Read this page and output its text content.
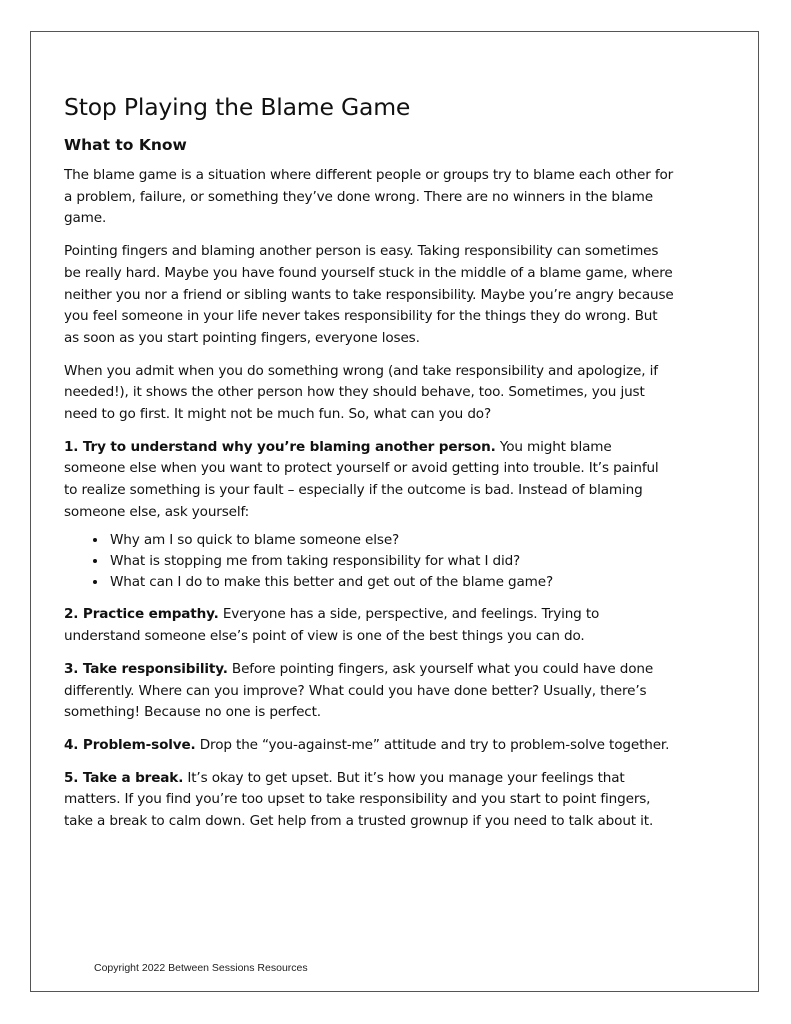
Stop Playing the Blame Game
What to Know

The blame game is a situation where different people or groups try to blame each other for a problem, failure, or something they’ve done wrong. There are no winners in the blame game.

Pointing fingers and blaming another person is easy. Taking responsibility can sometimes be really hard. Maybe you have found yourself stuck in the middle of a blame game, where neither you nor a friend or sibling wants to take responsibility. Maybe you’re angry because you feel someone in your life never takes responsibility for the things they do wrong. But as soon as you start pointing fingers, everyone loses.

When you admit when you do something wrong (and take responsibility and apologize, if needed!), it shows the other person how they should behave, too. Sometimes, you just need to go first. It might not be much fun. So, what can you do?

1. Try to understand why you’re blaming another person. You might blame someone else when you want to protect yourself or avoid getting into trouble. It’s painful to realize something is your fault – especially if the outcome is bad. Instead of blaming someone else, ask yourself:

• Why am I so quick to blame someone else?
• What is stopping me from taking responsibility for what I did?
• What can I do to make this better and get out of the blame game?

2. Practice empathy. Everyone has a side, perspective, and feelings. Trying to understand someone else’s point of view is one of the best things you can do.

3. Take responsibility. Before pointing fingers, ask yourself what you could have done differently. Where can you improve? What could you have done better? Usually, there’s something! Because no one is perfect.

4. Problem-solve. Drop the “you-against-me” attitude and try to problem-solve together.

5. Take a break. It’s okay to get upset. But it’s how you manage your feelings that matters. If you find you’re too upset to take responsibility and you start to point fingers, take a break to calm down. Get help from a trusted grownup if you need to talk about it.

Copyright 2022 Between Sessions Resources
